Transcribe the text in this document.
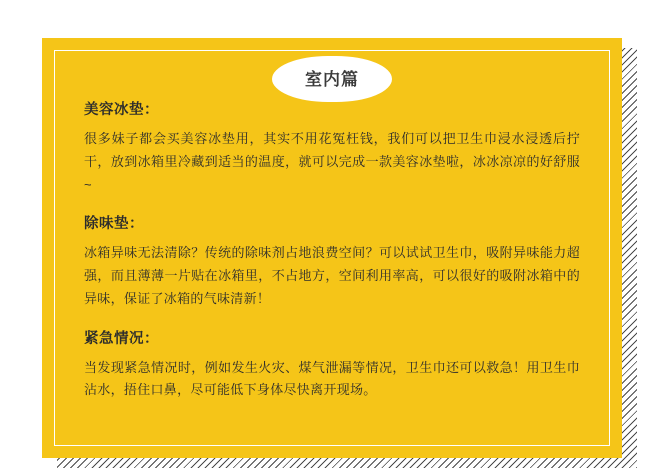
室内篇

美容冰垫：

很多妹子都会买美容冰垫用，其实不用花冤枉钱，我们可以把卫生巾浸水浸透后拧干，放到冰箱里冷藏到适当的温度，就可以完成一款美容冰垫啦，冰冰凉凉的好舒服~

除味垫：

冰箱异味无法清除？传统的除味剂占地浪费空间？可以试试卫生巾，吸附异味能力超强，而且薄薄一片贴在冰箱里，不占地方，空间利用率高，可以很好的吸附冰箱中的异味，保证了冰箱的气味清新！

紧急情况：

当发现紧急情况时，例如发生火灾、煤气泄漏等情况，卫生巾还可以救急！用卫生巾沾水，捂住口鼻，尽可能低下身体尽快离开现场。
